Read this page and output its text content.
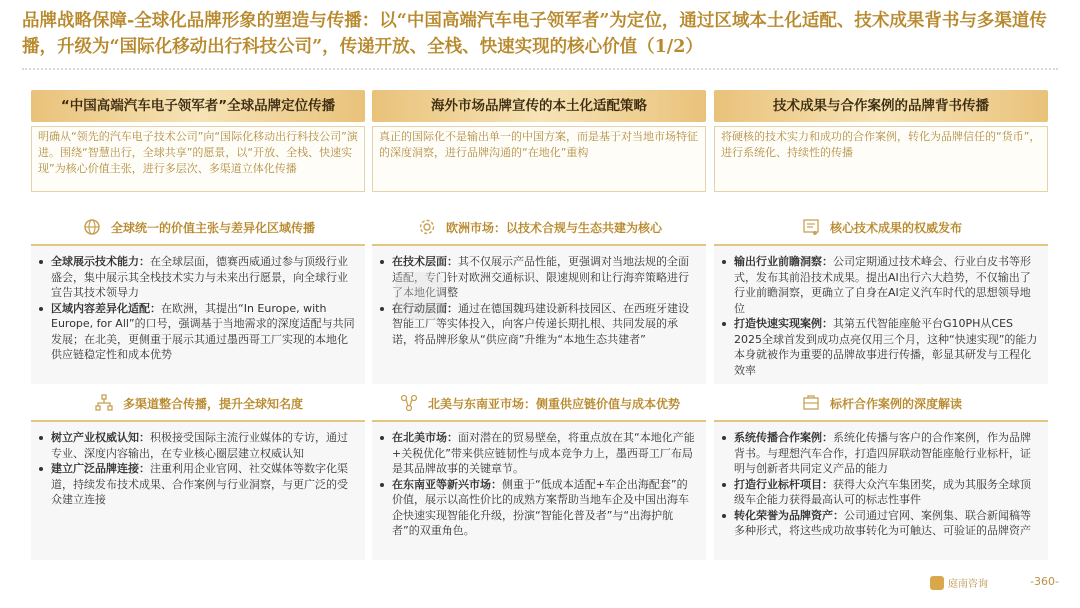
品牌战略保障-全球化品牌形象的塑造与传播：以“中国高端汽车电子领军者”为定位，通过区域本土化适配、技术成果背书与多渠道传播，升级为“国际化移动出行科技公司”，传递开放、全栈、快速实现的核心价值（1/2）
“中国高端汽车电子领军者”全球品牌定位传播
明确从“领先的汽车电子技术公司”向“国际化移动出行科技公司”演进。围绕“智慧出行，全球共享”的愿景，以“开放、全栈、快速实现”为核心价值主张，进行多层次、多渠道立体化传播
全球统一的价值主张与差异化区域传播

全球展示技术能力：在全球层面，德赛西威通过参与顶级行业盛会，集中展示其全栈技术实力与未来出行愿景，向全球行业宣告其技术领导力

区域内容差异化适配：在欧洲，其提出“In Europe, with Europe, for All”的口号，强调基于当地需求的深度适配与共同发展；在北美，更侧重于展示其通过墨西哥工厂实现的本地化供应链稳定性和成本优势

多渠道整合传播，提升全球知名度

树立产业权威认知：积极接受国际主流行业媒体的专访，通过专业、深度内容输出，在专业核心圈层建立权威认知

建立广泛品牌连接：注重利用企业官网、社交媒体等数字化渠道，持续发布技术成果、合作案例与行业洞察，与更广泛的受众建立连接

海外市场品牌宣传的本土化适配策略
真正的国际化不是输出单一的中国方案，而是基于对当地市场特征的深度洞察，进行品牌沟通的“在地化”重构
欧洲市场：以技术合规与生态共建为核心

在技术层面：其不仅展示产品性能，更强调对当地法规的全面适配，专门针对欧洲交通标识、限速规则和让行海弈策略进行了本地化调整

在行动层面：通过在德国魏玛建设新科技园区、在西班牙建设智能工厂等实体投入，向客户传递长期扎根、共同发展的承诺，将品牌形象从“供应商”升维为“本地生态共建者”

北美与东南亚市场：侧重供应链价值与成本优势

在北美市场：面对潜在的贸易壁垒，将重点放在其“本地化产能+关税优化”带来供应链韧性与成本竞争力上，墨西哥工厂布局是其品牌故事的关键章节。

在东南亚等新兴市场：侧重于“低成本适配+车企出海配套”的价值，展示以高性价比的成熟方案帮助当地车企及中国出海车企快速实现智能化升级，扮演“智能化普及者”与“出海护航者”的双重角色。

技术成果与合作案例的品牌背书传播
将硬核的技术实力和成功的合作案例，转化为品牌信任的“货币”，进行系统化、持续性的传播
核心技术成果的权威发布

输出行业前瞻洞察：公司定期通过技术峰会、行业白皮书等形式，发布其前沿技术成果。提出AI出行六大趋势，不仅输出了行业前瞻洞察，更确立了自身在AI定义汽车时代的思想领导地位

打造快速实现案例：其第五代智能座舱平台G10PH从CES 2025全球首发到成功点亮仅用三个月，这种“快速实现”的能力本身就被作为重要的品牌故事进行传播，彰显其研发与工程化效率

标杆合作案例的深度解读

系统传播合作案例：系统化传播与客户的合作案例，作为品牌背书。与理想汽车合作，打造四屏联动智能座舱行业标杆，证明与创新者共同定义产品的能力

打造行业标杆项目：获得大众汽车集团奖，成为其服务全球顶级车企能力获得最高认可的标志性事件

转化荣誉为品牌资产：公司通过官网、案例集、联合新闻稿等多种形式，将这些成功故事转化为可触达、可验证的品牌资产

庭南咨询	-360-
